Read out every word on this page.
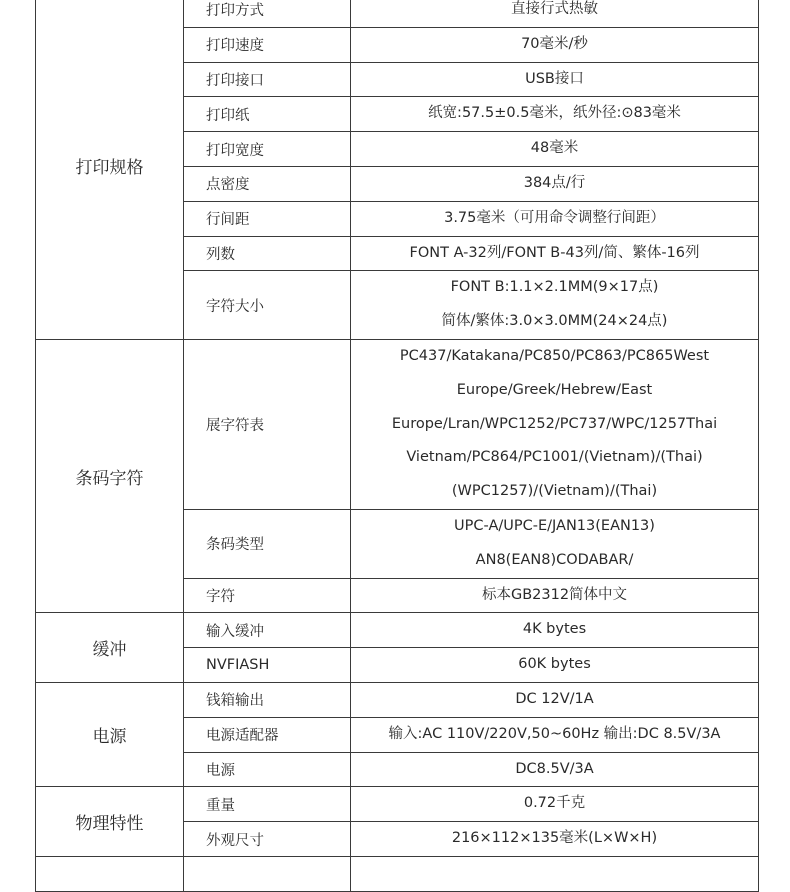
打印规格	打印方式	直接行式热敏

	打印速度	70毫米/秒

	打印接口	USB接口

	打印纸	纸宽:57.5±0.5毫米，纸外径:⊙83毫米

	打印宽度	48毫米

	点密度	384点/行

	行间距	3.75毫米（可用命令调整行间距）

	列数	FONT A-32列/FONT B-43列/简、繁体-16列

	字符大小	FONT B:1.1×2.1MM(9×17点)
简体/繁体:3.0×3.0MM(24×24点)

条码字符	展字符表	PC437/Katakana/PC850/PC863/PC865West
Europe/Greek/Hebrew/East
Europe/Lran/WPC1252/PC737/WPC/1257Thai
Vietnam/PC864/PC1001/(Vietnam)/(Thai)
(WPC1257)/(Vietnam)/(Thai)

	条码类型	UPC-A/UPC-E/JAN13(EAN13)
AN8(EAN8)CODABAR/

	字符	标本GB2312简体中文

缓冲	输入缓冲	4K bytes

	NVFIASH	60K bytes

电源	钱箱输出	DC 12V/1A

	电源适配器	输入:AC 110V/220V,50~60Hz 输出:DC 8.5V/3A

	电源	DC8.5V/3A

物理特性	重量	0.72千克

	外观尺寸	216×112×135毫米(L×W×H)
